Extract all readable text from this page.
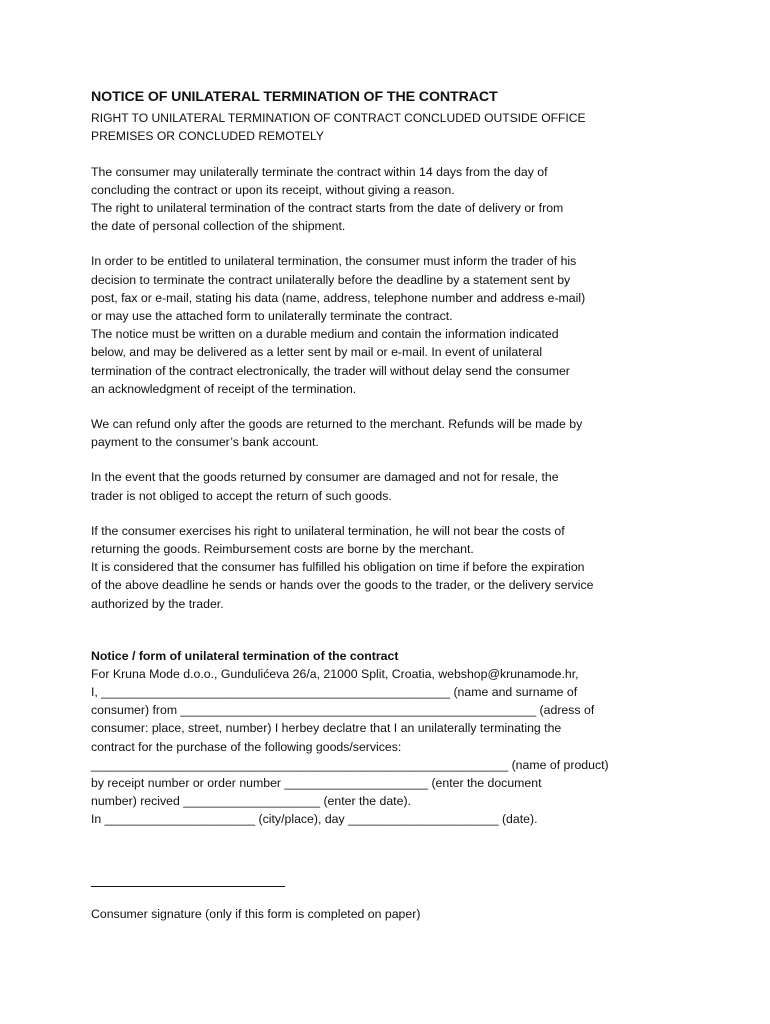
NOTICE OF UNILATERAL TERMINATION OF THE CONTRACT

RIGHT TO UNILATERAL TERMINATION OF CONTRACT CONCLUDED OUTSIDE OFFICE
PREMISES OR CONCLUDED REMOTELY

The consumer may unilaterally terminate the contract within 14 days from the day of
concluding the contract or upon its receipt, without giving a reason.
The right to unilateral termination of the contract starts from the date of delivery or from
the date of personal collection of the shipment.

In order to be entitled to unilateral termination, the consumer must inform the trader of his
decision to terminate the contract unilaterally before the deadline by a statement sent by
post, fax or e-mail, stating his data (name, address, telephone number and address e-mail)
or may use the attached form to unilaterally terminate the contract.
The notice must be written on a durable medium and contain the information indicated
below, and may be delivered as a letter sent by mail or e-mail. In event of unilateral
termination of the contract electronically, the trader will without delay send the consumer
an acknowledgment of receipt of the termination.

We can refund only after the goods are returned to the merchant. Refunds will be made by
payment to the consumer’s bank account.

In the event that the goods returned by consumer are damaged and not for resale, the
trader is not obliged to accept the return of such goods.

If the consumer exercises his right to unilateral termination, he will not bear the costs of
returning the goods. Reimbursement costs are borne by the merchant.
It is considered that the consumer has fulfilled his obligation on time if before the expiration
of the above deadline he sends or hands over the goods to the trader, or the delivery service
authorized by the trader.

Notice / form of unilateral termination of the contract

For Kruna Mode d.o.o., Gundulićeva 26/a, 21000 Split, Croatia, webshop@krunamode.hr,
I, ___________________________________________________ (name and surname of
consumer) from ____________________________________________________ (adress of
consumer: place, street, number) I herbey declatre that I an unilaterally terminating the
contract for the purchase of the following goods/services:
_____________________________________________________________ (name of product)
by receipt number or order number _____________________ (enter the document
number) recived ____________________ (enter the date).
In ______________________ (city/place), day ______________________ (date).

Consumer signature (only if this form is completed on paper)
